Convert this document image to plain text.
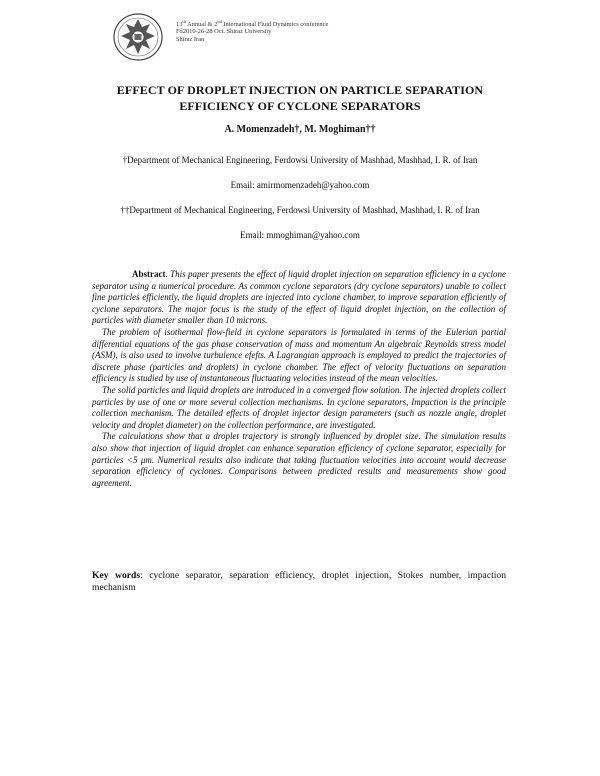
13th Annual & 2nd International Fluid Dynamics conference
Fd2010-26-28 Oct. Shiraz University
Shiraz Iran
EFFECT OF DROPLET INJECTION ON PARTICLE SEPARATION
EFFICIENCY OF CYCLONE SEPARATORS
A. Momenzadeh†, M. Moghiman††
†Department of Mechanical Engineering, Ferdowsi University of Mashhad, Mashhad, I. R. of Iran
Email: amirmomenzadeh@yahoo.com
††Department of Mechanical Engineering, Ferdowsi University of Mashhad, Mashhad, I. R. of Iran
Email: mmoghiman@yahoo.com

Abstract. This paper presents the effect of liquid droplet injection on separation efficiency in a cyclone separator using a numerical procedure. As common cyclone separators (dry cyclone separators) unable to collect fine particles efficiently, the liquid droplets are injected into cyclone chamber, to improve separation efficiently of cyclone separators. The major focus is the study of the effect of liquid droplet injection, on the collection of particles with diameter smaller than 10 microns.

The problem of isothermal flow-field in cyclone separators is formulated in terms of the Eulerian partial differential equations of the gas phase conservation of mass and momentum An algebraic Reynolds stress model (ASM), is also used to involve turbulence efefts. A Lagrangian approach is employed to predict the trajectories of discrete phase (particles and droplets) in cyclone chamber. The effect of velocity fluctuations on separation efficiency is studied by use of instantaneous fluctuating velocities instead of the mean velocities.

The solid particles and liquid droplets are introduced in a converged flow solution. The injected droplets collect particles by use of one or more several collection mechanisms. In cyclone separators, Impaction is the principle collection mechanism. The detailed effects of droplet injector design parameters (such as nozzle angle, droplet velocity and droplet diameter) on the collection performance, are investigated.

The calculations show that a droplet trajectory is strongly influenced by droplet size. The simulation results also show that injection of liquid droplet can enhance separation efficiency of cyclone separator, especially for particles <5 μm. Numerical results also indicate that taking fluctuation velocities into account would decrease separation efficiency of cyclones. Comparisons between predicted results and measurements show good agreement.

Key words: cyclone separator, separation efficiency, droplet injection, Stokes number, impaction mechanism
